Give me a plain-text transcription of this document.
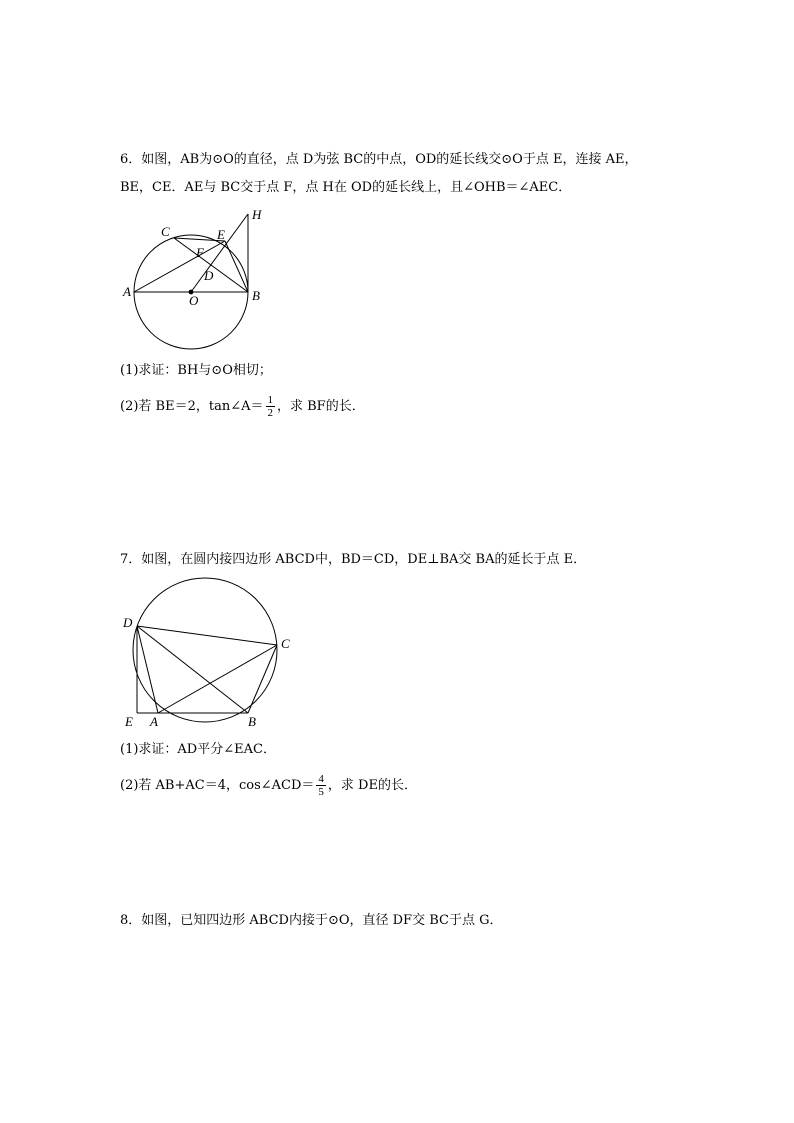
6．如图，AB为⊙O的直径，点 D为弦 BC的中点，OD的延长线交⊙O于点 E，连接 AE，
BE，CE．AE与 BC交于点 F，点 H在 OD的延长线上，且∠OHB＝∠AEC．
A	B
C	E
F
D
H
O
(1)求证：BH与⊙O相切；
(2)若 BE＝2，tan∠A＝ $\frac{1}{2}$ ，求 BF的长．
7．如图，在圆内接四边形 ABCD中，BD＝CD，DE⊥BA交 BA的延长于点 E．
D
C
E A	B
(1)求证：AD平分∠EAC．
(2)若 AB+AC＝4，cos∠ACD＝ $\frac{4}{5}$ ，求 DE的长．
8．如图，已知四边形 ABCD内接于⊙O，直径 DF交 BC于点 G．
